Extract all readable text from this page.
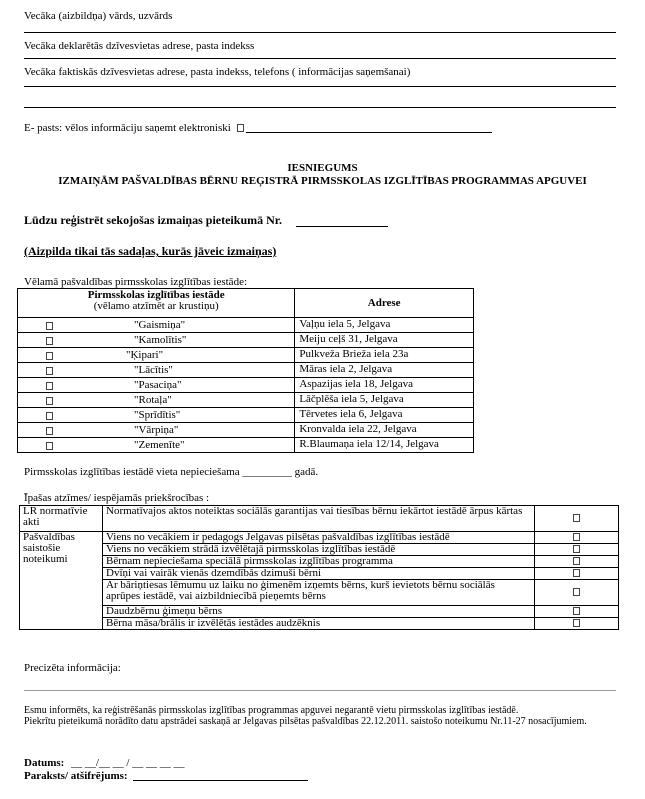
Vecāka (aizbildņa) vārds, uzvārds
Vecāka deklarētās dzīvesvietas adrese, pasta indekss
Vecāka faktiskās dzīvesvietas adrese, pasta indekss, telefons ( informācijas saņemšanai)
E- pasts: vēlos informāciju saņemt elektroniski
IESNIEGUMS
IZMAIŅĀM PAŠVALDĪBAS BĒRNU REĢISTRĀ PIRMSSKOLAS IZGLĪTĪBAS PROGRAMMAS APGUVEI
Lūdzu reģistrēt sekojošas izmaiņas pieteikumā Nr.
(Aizpilda tikai tās sadaļas, kurās jāveic izmaiņas)
Vēlamā pašvaldības pirmsskolas izglītības iestāde:
Pirmsskolas izglītības iestāde
(vēlamo atzīmēt ar krustiņu)	Adrese

"Gaismiņa"	Vaļņu iela 5, Jelgava

"Kamolītis"	Meiju ceļš 31, Jelgava

"Ķipari"	Pulkveža Brieža iela 23a

"Lācītis"	Māras iela 2, Jelgava

"Pasaciņa"	Aspazijas iela 18, Jelgava

"Rotaļa"	Lāčplēša iela 5, Jelgava

"Sprīdītis"	Tērvetes iela 6, Jelgava

"Vārpiņa"	Kronvalda iela 22, Jelgava

"Zemenīte"	R.Blaumaņa iela 12/14, Jelgava
Pirmsskolas izglītības iestādē vieta nepieciešama _________ gadā.
Īpašas atzīmes/ iespējamās priekšrocības :
LR normatīvie akti	Normatīvajos aktos noteiktas sociālās garantijas vai tiesības bērnu iekārtot iestādē ārpus kārtas	
Pašvaldības saistošie noteikumi	Viens no vecākiem ir pedagogs Jelgavas pilsētas pašvaldības izglītības iestādē	
	Viens no vecākiem strādā izvēlētajā pirmsskolas izglītības iestādē	
	Bērnam nepieciešama speciālā pirmsskolas izglītības programma	
	Dvīņi vai vairāk vienās dzemdībās dzimuši bērni	
	Ar bāriņtiesas lēmumu uz laiku no ģimenēm izņemts bērns, kurš ievietots bērnu sociālās aprūpes iestādē, vai aizbildniecībā pieņemts bērns	
	Daudzbērnu ģimeņu bērns	
	Bērna māsa/brālis ir izvēlētās iestādes audzēknis	
Precizēta informācija:
Esmu informēts, ka reģistrēšanās pirmsskolas izglītības programmas apguvei negarantē vietu pirmsskolas izglītības iestādē.
Piekrītu pieteikumā norādīto datu apstrādei saskaņā ar Jelgavas pilsētas pašvaldības 22.12.2011. saistošo noteikumu Nr.11-27 nosacījumiem.
Datums: __ __/__ __ / __ __ __ __
Paraksts/ atšifrējums:
